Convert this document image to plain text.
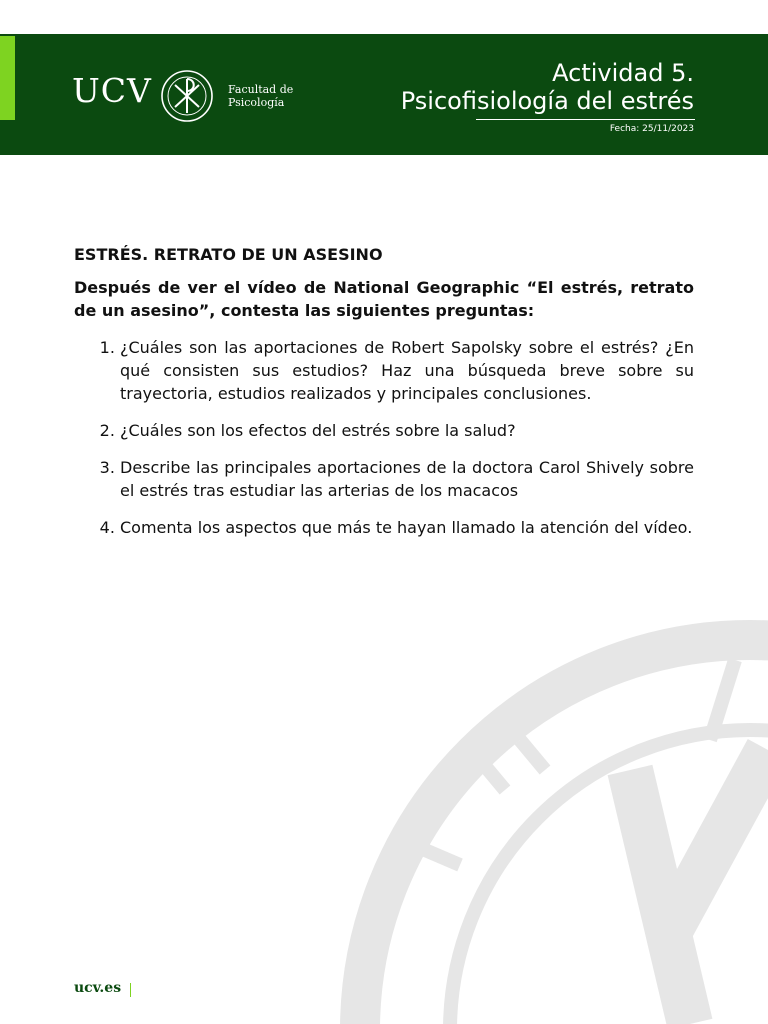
UCV	Facultad de
Psicología
Actividad 5.
Psicofisiología del estrés
Fecha: 25/11/2023

ESTRÉS. RETRATO DE UN ASESINO

Después de ver el vídeo de National Geographic “El estrés, retrato de un asesino”, contesta las siguientes preguntas:

1. ¿Cuáles son las aportaciones de Robert Sapolsky sobre el estrés? ¿En qué consisten sus estudios? Haz una búsqueda breve sobre su trayectoria, estudios realizados y principales conclusiones.
2. ¿Cuáles son los efectos del estrés sobre la salud?
3. Describe las principales aportaciones de la doctora Carol Shively sobre el estrés tras estudiar las arterias de los macacos
4. Comenta los aspectos que más te hayan llamado la atención del vídeo.
ucv.es
